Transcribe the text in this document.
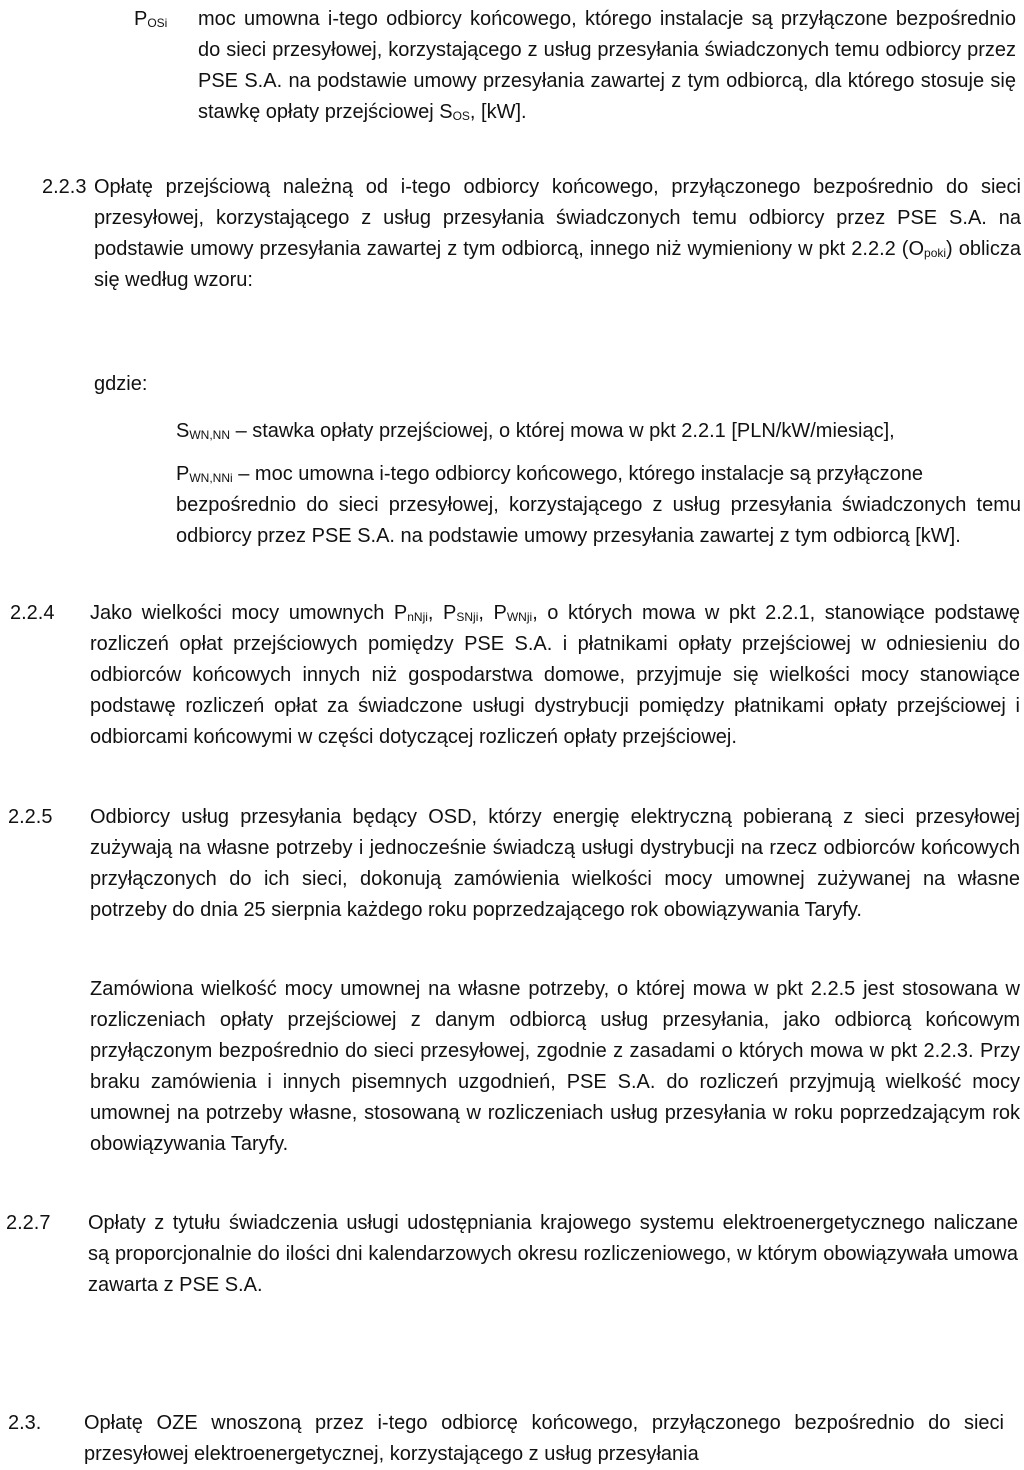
$P_{OSi}$ moc umowna i-tego odbiorcy końcowego, którego instalacje są przyłączone bezpośrednio do sieci przesyłowej, korzystającego z usług przesyłania świadczonych temu odbiorcy przez PSE S.A. na podstawie umowy przesyłania zawartej z tym odbiorcą, dla którego stosuje się stawkę opłaty przejściowej $S_{OS}$, [kW].
2.2.3 Opłatę przejściową należną od i-tego odbiorcy końcowego, przyłączonego bezpośrednio do sieci przesyłowej, korzystającego z usług przesyłania świadczonych temu odbiorcy przez PSE S.A. na podstawie umowy przesyłania zawartej z tym odbiorcą, innego niż wymieniony w pkt 2.2.2 $(O_{poki})$ oblicza się według wzoru:
gdzie:
$S_{WN,NN}$ – stawka opłaty przejściowej, o której mowa w pkt 2.2.1 [PLN/kW/miesiąc],
$P_{WN,NNi}$ – moc umowna i-tego odbiorcy końcowego, którego instalacje są przyłączone
bezpośrednio do sieci przesyłowej, korzystającego z usług przesyłania świadczonych temu odbiorcy przez PSE S.A. na podstawie umowy przesyłania zawartej z tym odbiorcą [kW].
2.2.4 Jako wielkości mocy umownych $P_{nNji}$, $P_{SNji}$, $P_{WNji}$, o których mowa w pkt 2.2.1, stanowiące podstawę rozliczeń opłat przejściowych pomiędzy PSE S.A. i płatnikami opłaty przejściowej w odniesieniu do odbiorców końcowych innych niż gospodarstwa domowe, przyjmuje się wielkości mocy stanowiące podstawę rozliczeń opłat za świadczone usługi dystrybucji pomiędzy płatnikami opłaty przejściowej i odbiorcami końcowymi w części dotyczącej rozliczeń opłaty przejściowej.
2.2.5 Odbiorcy usług przesyłania będący OSD, którzy energię elektryczną pobieraną z sieci przesyłowej zużywają na własne potrzeby i jednocześnie świadczą usługi dystrybucji na rzecz odbiorców końcowych przyłączonych do ich sieci, dokonują zamówienia wielkości mocy umownej zużywanej na własne potrzeby do dnia 25 sierpnia każdego roku poprzedzającego rok obowiązywania Taryfy.
Zamówiona wielkość mocy umownej na własne potrzeby, o której mowa w pkt 2.2.5 jest stosowana w rozliczeniach opłaty przejściowej z danym odbiorcą usług przesyłania, jako odbiorcą końcowym przyłączonym bezpośrednio do sieci przesyłowej, zgodnie z zasadami o których mowa w pkt 2.2.3. Przy braku zamówienia i innych pisemnych uzgodnień, PSE S.A. do rozliczeń przyjmują wielkość mocy umownej na potrzeby własne, stosowaną w rozliczeniach usług przesyłania w roku poprzedzającym rok obowiązywania Taryfy.
2.2.7 Opłaty z tytułu świadczenia usługi udostępniania krajowego systemu elektroenergetycznego naliczane są proporcjonalnie do ilości dni kalendarzowych okresu rozliczeniowego, w którym obowiązywała umowa zawarta z PSE S.A.
2.3. Opłatę OZE wnoszoną przez i-tego odbiorcę końcowego, przyłączonego bezpośrednio do sieci przesyłowej elektroenergetycznej, korzystającego z usług przesyłania
